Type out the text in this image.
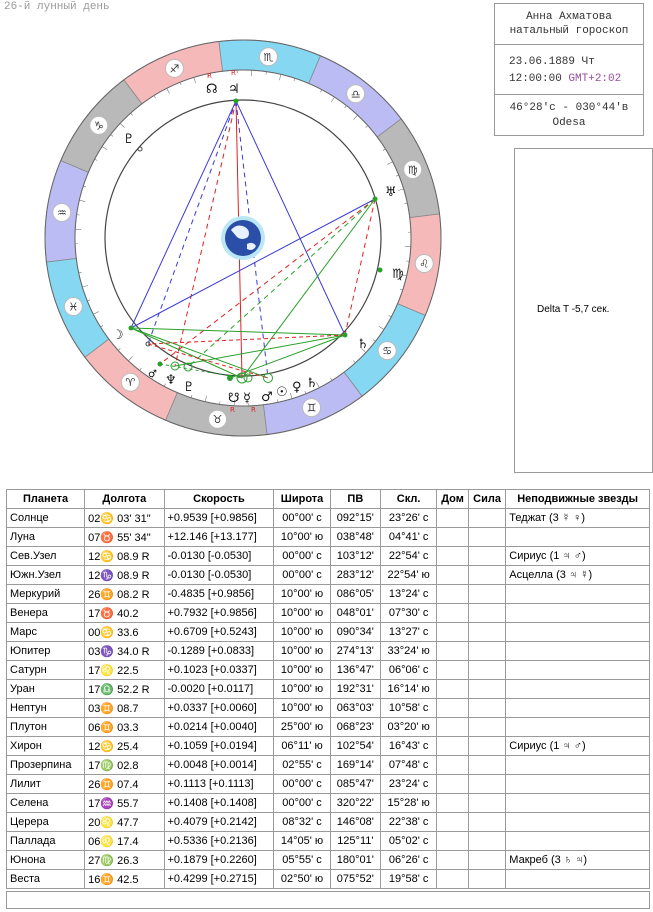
26-й лунный день
♈
♉
♊
♋
♌
♍
♎
♏
♐
♑
♒
♓
☊ ♃
♇
♅
♄
☽
♆
☉ ♀
♂
☿
☋
♍
♇	♄
♂
R	R
R
R
Анна Ахматова
натальный гороскоп
23.06.1889 Чт
12:00:00 GMT+2:02
46°28'с - 030°44'в
Odesa
Delta T -5,7 сек.
Планета	Долгота	Скорость	Широта	ПВ	Скл.	Дом	Сила	Неподвижные звезды
Солнце	02♋ 03' 31"	+0.9539 [+0.9856]	00°00' с	092°15'	23°26' с			Теджат (3 ☿ ♀)
Луна	07♉ 55' 34"	+12.146 [+13.177]	10°00' ю	038°48'	04°41' с			
Сев.Узел	12♋ 08.9 R	-0.0130 [-0.0530]	00°00' с	103°12'	22°54' с			Сириус (1 ♃ ♂)
Южн.Узел	12♑ 08.9 R	-0.0130 [-0.0530]	00°00' с	283°12'	22°54' ю			Асцелла (3 ♃ ☿)
Меркурий	26♊ 08.2 R	-0.4835 [+0.9856]	10°00' ю	086°05'	13°24' с			
Венера	17♉ 40.2	+0.7932 [+0.9856]	10°00' ю	048°01'	07°30' с			
Марс	00♋ 33.6	+0.6709 [+0.5243]	10°00' ю	090°34'	13°27' с			
Юпитер	03♑ 34.0 R	-0.1289 [+0.0833]	10°00' ю	274°13'	33°24' ю			
Сатурн	17♌ 22.5	+0.1023 [+0.0337]	10°00' ю	136°47'	06°06' с			
Уран	17♎ 52.2 R	-0.0020 [+0.0117]	10°00' ю	192°31'	16°14' ю			
Нептун	03♊ 08.7	+0.0337 [+0.0060]	10°00' ю	063°03'	10°58' с			
Плутон	06♊ 03.3	+0.0214 [+0.0040]	25°00' ю	068°23'	03°20' ю			
Хирон	12♋ 25.4	+0.1059 [+0.0194]	06°11' ю	102°54'	16°43' с			Сириус (1 ♃ ♂)
Прозерпина	17♍ 02.8	+0.0048 [+0.0014]	02°55' с	169°14'	07°48' с			
Лилит	26♊ 07.4	+0.1113 [+0.1113]	00°00' с	085°47'	23°24' с			
Селена	17♒ 55.7	+0.1408 [+0.1408]	00°00' с	320°22'	15°28' ю			
Церера	20♌ 47.7	+0.4079 [+0.2142]	08°32' с	146°08'	22°38' с			
Паллада	06♌ 17.4	+0.5336 [+0.2136]	14°05' ю	125°11'	05°02' с			
Юнона	27♍ 26.3	+0.1879 [+0.2260]	05°55' с	180°01'	06°26' с			Макреб (3 ♄ ♃)
Веста	16♊ 42.5	+0.4299 [+0.2715]	02°50' ю	075°52'	19°58' с			
